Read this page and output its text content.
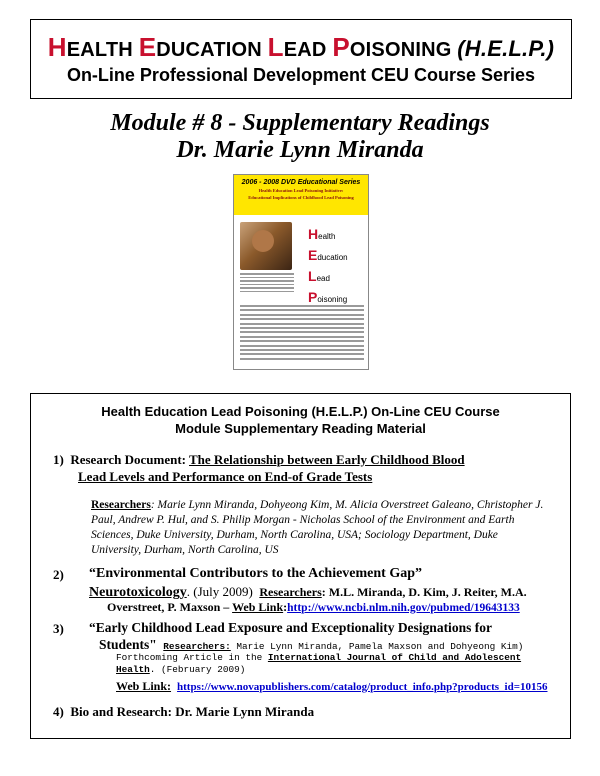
HEALTH EDUCATION LEAD POISONING (H.E.L.P.)
On-Line Professional Development CEU Course Series
Module # 8 - Supplementary Readings
Dr. Marie Lynn Miranda
2006 - 2008 DVD Educational Series
Health Education Lead Poisoning Initiative:
Educational Implications of Childhood Lead Poisoning
Health
Education
Lead
Poisoning
Health Education Lead Poisoning (H.E.L.P.) On-Line CEU Course
Module Supplementary Reading Material
1) Research Document: The Relationship between Early Childhood Blood
Lead Levels and Performance on End-of Grade Tests
Researchers: Marie Lynn Miranda, Dohyeong Kim, M. Alicia Overstreet Galeano, Christopher J.
Paul, Andrew P. Hul, and S. Philip Morgan - Nicholas School of the Environment and Earth
Sciences, Duke University, Durham, North Carolina, USA; Sociology Department, Duke
University, Durham, North Carolina, US
2) “Environmental Contributors to the Achievement Gap”
Neurotoxicology. (July 2009) Researchers: M.L. Miranda, D. Kim, J. Reiter, M.A.
Overstreet, P. Maxson – Web Link:http://www.ncbi.nlm.nih.gov/pubmed/19643133
3) “Early Childhood Lead Exposure and Exceptionality Designations for
Students" Researchers: Marie Lynn Miranda, Pamela Maxson and Dohyeong Kim)
Forthcoming Article in the International Journal of Child and Adolescent
Health. (February 2009)
Web Link: https://www.novapublishers.com/catalog/product_info.php?products_id=10156
4) Bio and Research: Dr. Marie Lynn Miranda
